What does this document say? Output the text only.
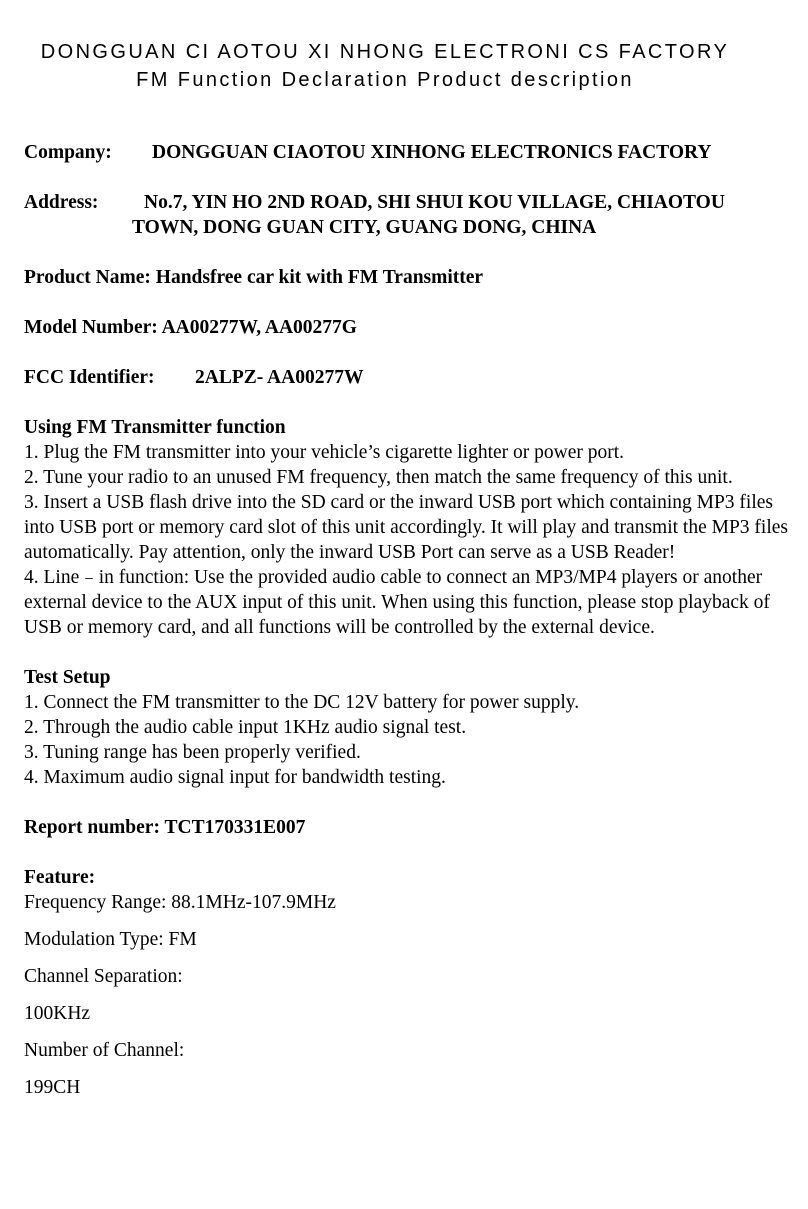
DONGGUAN CI AOTOU XI NHONG ELECTRONI CS FACTORY
FM Function Declaration Product description
Company: DONGGUAN CIAOTOU XINHONG ELECTRONICS FACTORY
Address: No.7, YIN HO 2ND ROAD, SHI SHUI KOU VILLAGE, CHIAOTOU
TOWN, DONG GUAN CITY, GUANG DONG, CHINA
Product Name: Handsfree car kit with FM Transmitter
Model Number: AA00277W, AA00277G
FCC Identifier: 2ALPZ- AA00277W
Using FM Transmitter function

1. Plug the FM transmitter into your vehicle’s cigarette lighter or power port.

2. Tune your radio to an unused FM frequency, then match the same frequency of this unit.

3. Insert a USB flash drive into the SD card or the inward USB port which containing MP3 files into USB port or memory card slot of this unit accordingly. It will play and transmit the MP3 files automatically. Pay attention, only the inward USB Port can serve as a USB Reader!

4. Line﹣in function: Use the provided audio cable to connect an MP3/MP4 players or another external device to the AUX input of this unit. When using this function, please stop playback of USB or memory card, and all functions will be controlled by the external device.

Test Setup

1. Connect the FM transmitter to the DC 12V battery for power supply.

2. Through the audio cable input 1KHz audio signal test.

3. Tuning range has been properly verified.

4. Maximum audio signal input for bandwidth testing.

Report number: TCT170331E007
Feature:

Frequency Range: 88.1MHz-107.9MHz

Modulation Type: FM

Channel Separation:

100KHz

Number of Channel:

199CH
